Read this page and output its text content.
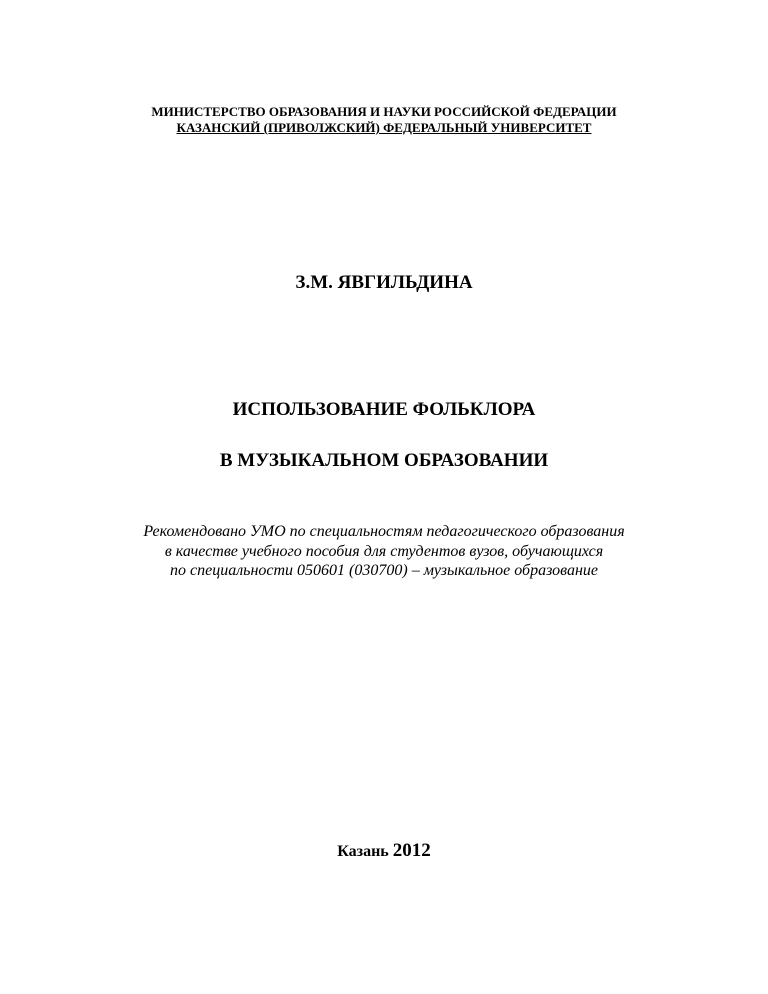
МИНИСТЕРСТВО ОБРАЗОВАНИЯ И НАУКИ РОССИЙСКОЙ ФЕДЕРАЦИИ
КАЗАНСКИЙ (ПРИВОЛЖСКИЙ) ФЕДЕРАЛЬНЫЙ УНИВЕРСИТЕТ
З.М. ЯВГИЛЬДИНА
ИСПОЛЬЗОВАНИЕ ФОЛЬКЛОРА
В МУЗЫКАЛЬНОМ ОБРАЗОВАНИИ
Рекомендовано УМО по специальностям педагогического образования
в качестве учебного пособия для студентов вузов, обучающихся
по специальности 050601 (030700) – музыкальное образование
Казань 2012
